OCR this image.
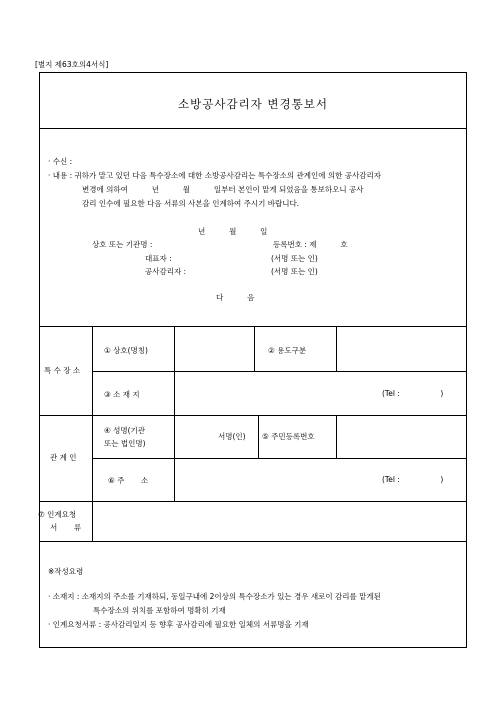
[별지 제63호의4서식]
소방공사감리자 변경통보서
· 수신 :
· 내용 : 귀하가 맡고 있던 다음 특수장소에 대한 소방공사감리는 특수장소의 관계인에 의한 공사감리자
변경에 의하여          년          월          일부터 본인이 맡게 되었음을 통보하오니 공사
감리 인수에 필요한 다음 서류의 사본을 인계하여 주시기 바랍니다.
년          월          일
상호 또는 기관명 :	등록번호 : 제          호
대표자 :	(서명 또는 인)
공사감리자 :	(서명 또는 인)
다          음
특 수 장 소
① 상호(명칭)	② 용도구분
③ 소 재 지	(Tel :                 )
관 계 인
④ 성명(기관
또는 법인명)
서명(인) ⑤ 주민등록번호
⑥ 주       소	(Tel :                 )
⑦ 인계요청
서       류
※작성요령
· 소재지 : 소재지의 주소를 기재하되, 동일구내에 2이상의 특수장소가 있는 경우 새로이 감리를 맡게된
특수장소의 위치를 포함하여 명확히 기재
· 인계요청서류 : 공사감리일지 등 향후 공사감리에 필요한 일체의 서류명을 기재
